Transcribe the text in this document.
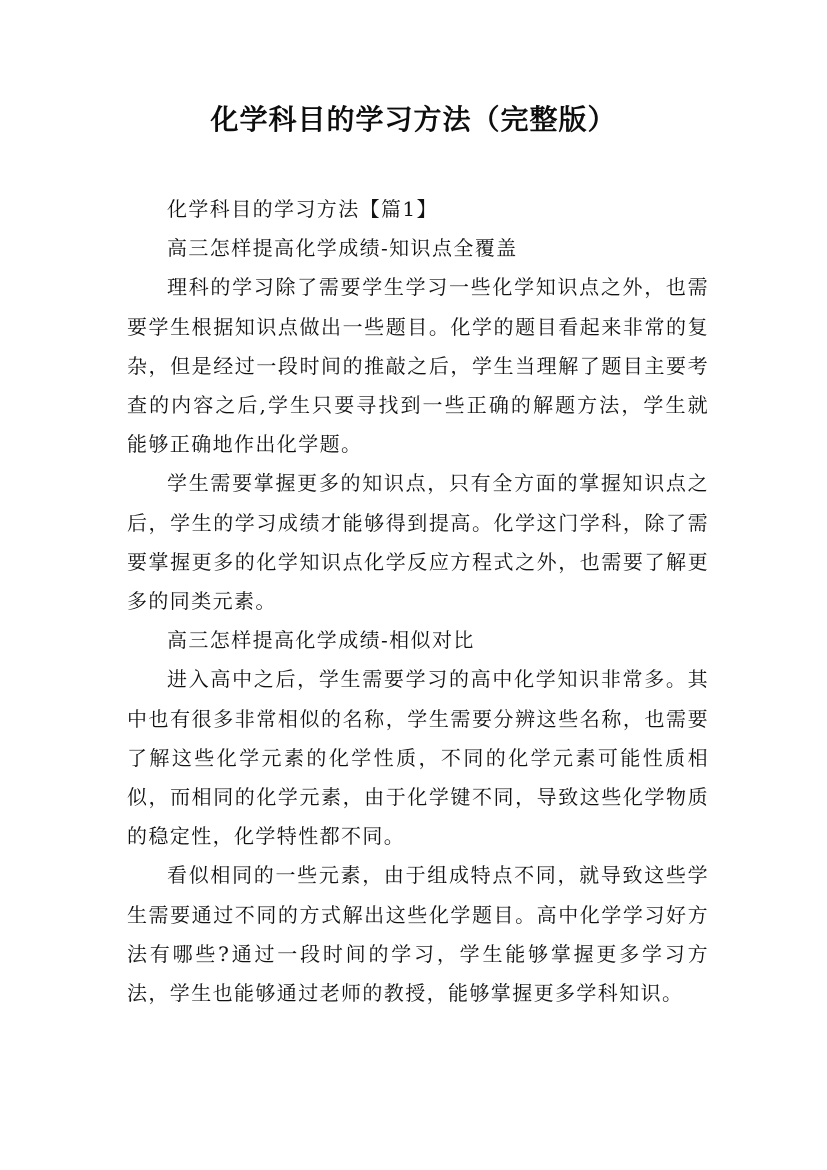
化学科目的学习方法（完整版）

化学科目的学习方法【篇1】

高三怎样提高化学成绩-知识点全覆盖

理科的学习除了需要学生学习一些化学知识点之外，也需要学生根据知识点做出一些题目。化学的题目看起来非常的复杂，但是经过一段时间的推敲之后，学生当理解了题目主要考查的内容之后,学生只要寻找到一些正确的解题方法，学生就能够正确地作出化学题。

学生需要掌握更多的知识点，只有全方面的掌握知识点之后，学生的学习成绩才能够得到提高。化学这门学科，除了需要掌握更多的化学知识点化学反应方程式之外，也需要了解更多的同类元素。

高三怎样提高化学成绩-相似对比

进入高中之后，学生需要学习的高中化学知识非常多。其中也有很多非常相似的名称，学生需要分辨这些名称，也需要了解这些化学元素的化学性质，不同的化学元素可能性质相似，而相同的化学元素，由于化学键不同，导致这些化学物质的稳定性，化学特性都不同。

看似相同的一些元素，由于组成特点不同，就导致这些学生需要通过不同的方式解出这些化学题目。高中化学学习好方法有哪些?通过一段时间的学习，学生能够掌握更多学习方法，学生也能够通过老师的教授，能够掌握更多学科知识。
